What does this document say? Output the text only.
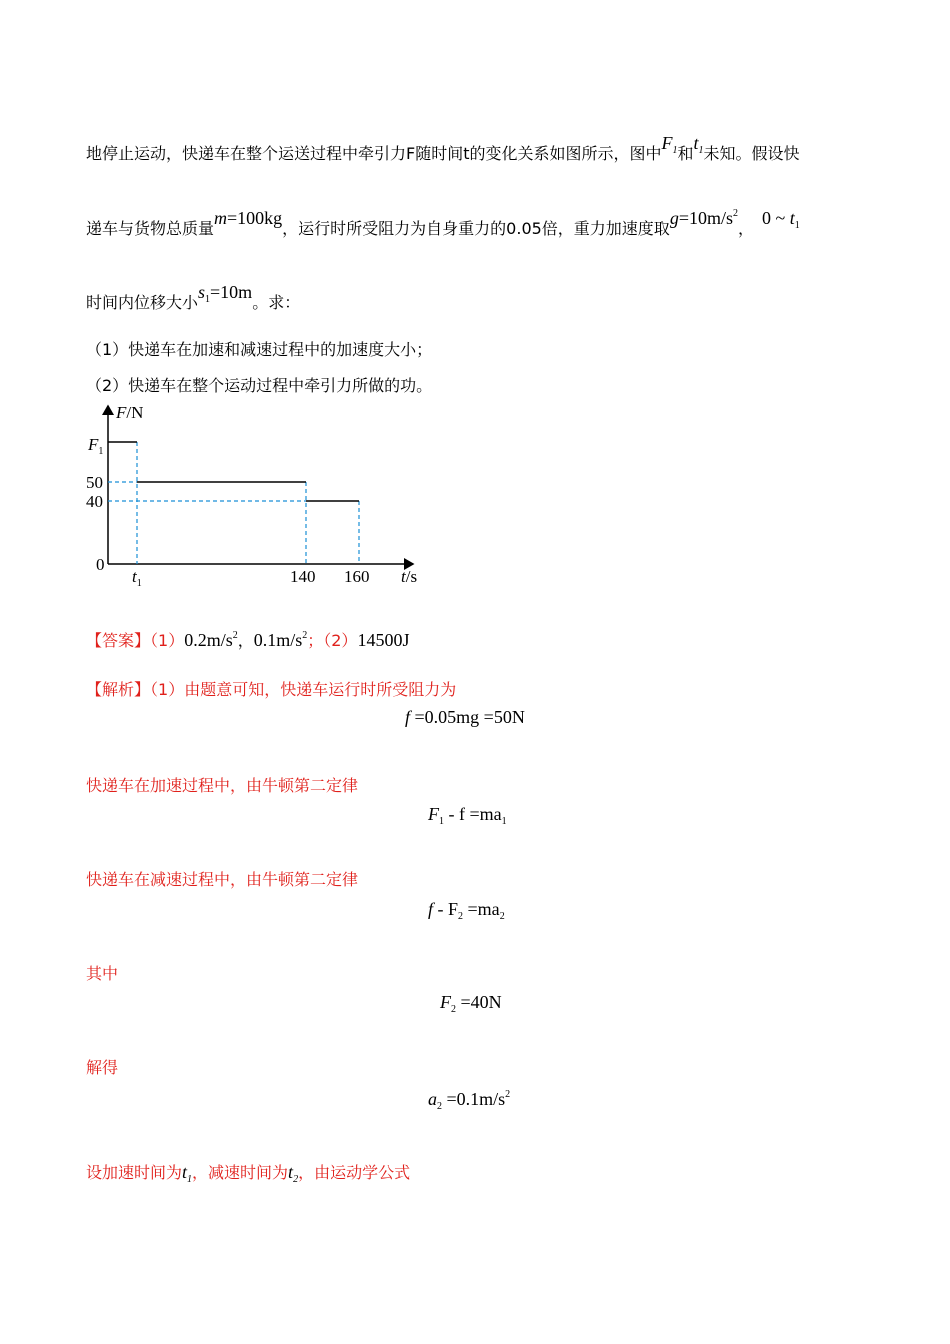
地停止运动，快递车在整个运送过程中牵引力F随时间t的变化关系如图所示，图中$F_1$和$t_1$未知。假设快
递车与货物总质量m=100kg，运行时所受阻力为自身重力的0.05倍，重力加速度取$g=10m/s^2$，0 ~ $t_1$
时间内位移大小$s_1=10m$。求：
（1）快递车在加速和减速过程中的加速度大小；
（2）快递车在整个运动过程中牵引力所做的功。
F/N
t/s
$F_1$
50
40
0
$t_1$	140 160
【答案】$(1)0.2m/s^2$，$0.1m/s^2$；（2）14500J
【解析】（1）由题意可知，快递车运行时所受阻力为
f =0.05mg =50N
快递车在加速过程中，由牛顿第二定律
$F_1 - f =ma_1$
快递车在减速过程中，由牛顿第二定律
$f - F_2 =ma_2$
其中
$F_2 =40N$
解得
$a_2 =0.1m/s^2$
设加速时间为$t_1$，减速时间为$t_2$，由运动学公式
